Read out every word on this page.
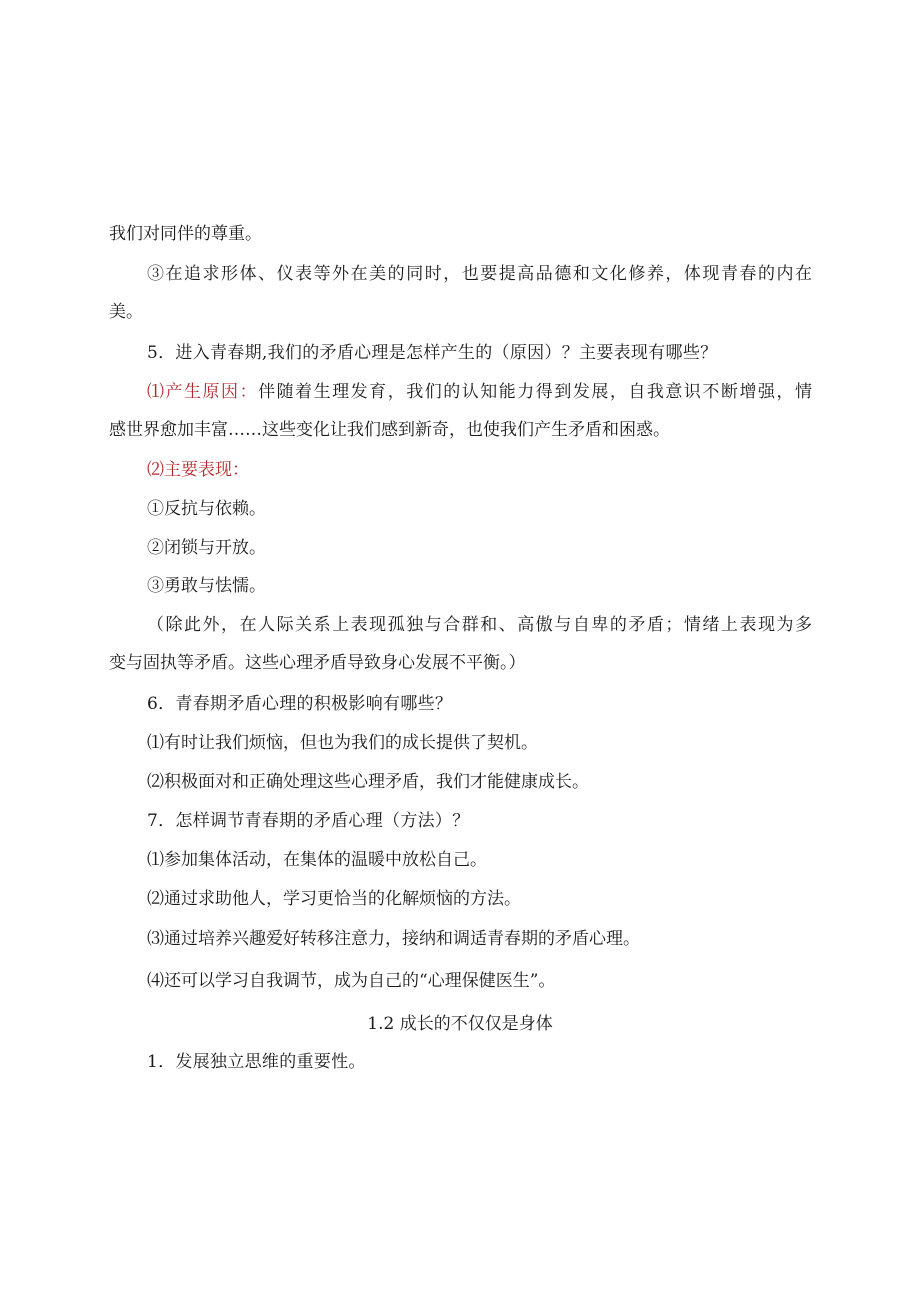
我们对同伴的尊重。
③在追求形体、仪表等外在美的同时，也要提高品德和文化修养，体现青春的内在
美。
5．进入青春期,我们的矛盾心理是怎样产生的（原因）？主要表现有哪些？
⑴产生原因：伴随着生理发育，我们的认知能力得到发展，自我意识不断增强，情
感世界愈加丰富……这些变化让我们感到新奇，也使我们产生矛盾和困惑。
⑵主要表现：
①反抗与依赖。
②闭锁与开放。
③勇敢与怯懦。
（除此外，在人际关系上表现孤独与合群和、高傲与自卑的矛盾；情绪上表现为多
变与固执等矛盾。这些心理矛盾导致身心发展不平衡。）
6．青春期矛盾心理的积极影响有哪些？
⑴有时让我们烦恼，但也为我们的成长提供了契机。
⑵积极面对和正确处理这些心理矛盾，我们才能健康成长。
7．怎样调节青春期的矛盾心理（方法）？
⑴参加集体活动，在集体的温暖中放松自己。
⑵通过求助他人，学习更恰当的化解烦恼的方法。
⑶通过培养兴趣爱好转移注意力，接纳和调适青春期的矛盾心理。
⑷还可以学习自我调节，成为自己的“心理保健医生”。
1.2 成长的不仅仅是身体
1．发展独立思维的重要性。
